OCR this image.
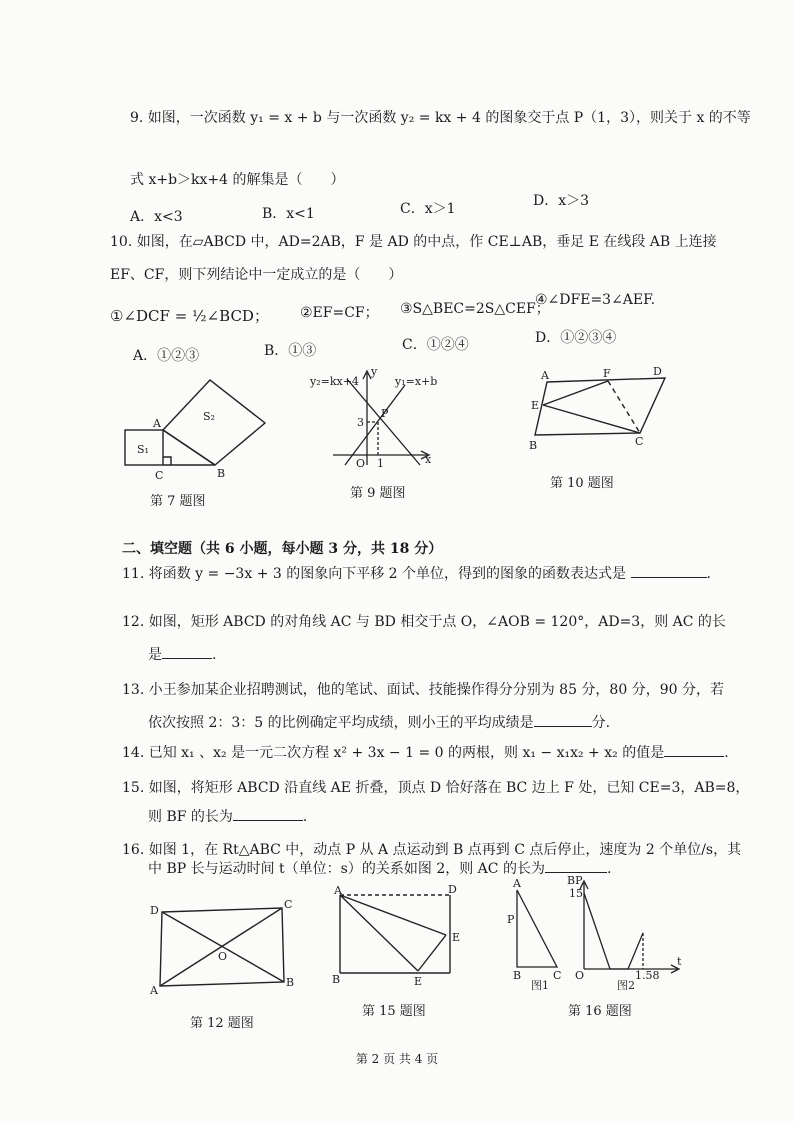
9. 如图，一次函数 y₁ = x + b 与一次函数 y₂ = kx + 4 的图象交于点 P（1，3），则关于 x 的不等
式 x+b＞kx+4 的解集是（　　）
A．x<3	B．x<1	C．x＞1	D．x＞3
10. 如图，在▱ABCD 中，AD=2AB，F 是 AD 的中点，作 CE⊥AB，垂足 E 在线段 AB 上连接
EF、CF，则下列结论中一定成立的是（　　）
①∠DCF = ½∠BCD； ②EF=CF； ③S△BEC=2S△CEF；
④∠DFE=3∠AEF.
A．①②③	B．①③	C．①②④	D．①②③④
S₂
S₁
A
B
C
第 7 题图
y₂=kx+4	y₁=x+b
y
x
P
3
O 1
第 9 题图
A	F	D
E
B	C
第 10 题图
二、填空题（共 6 小题，每小题 3 分，共 18 分）
11. 将函数 y = −3x + 3 的图象向下平移 2 个单位，得到的图象的函数表达式是	.
12. 如图，矩形 ABCD 的对角线 AC 与 BD 相交于点 O，∠AOB = 120°，AD=3，则 AC 的长
是	.
13. 小王参加某企业招聘测试，他的笔试、面试、技能操作得分分别为 85 分，80 分，90 分，若
依次按照 2：3：5 的比例确定平均成绩，则小王的平均成绩是	分.
14. 已知 x₁ 、x₂ 是一元二次方程 x² + 3x − 1 = 0 的两根，则 x₁ − x₁x₂ + x₂ 的值是	.
15. 如图，将矩形 ABCD 沿直线 AE 折叠，顶点 D 恰好落在 BC 边上 F 处，已知 CE=3，AB=8，
则 BF 的长为	.
16. 如图 1，在 Rt△ABC 中，动点 P 从 A 点运动到 B 点再到 C 点后停止，速度为 2 个单位/s，其
中 BP 长与运动时间 t（单位：s）的关系如图 2，则 AC 的长为	.
D	C
O
A
B
第 12 题图
A	D
E
B	E
第 15 题图
A
P
B	C
图1
BP
15
O	1.58
t
图2
第 16 题图
第 2 页 共 4 页
